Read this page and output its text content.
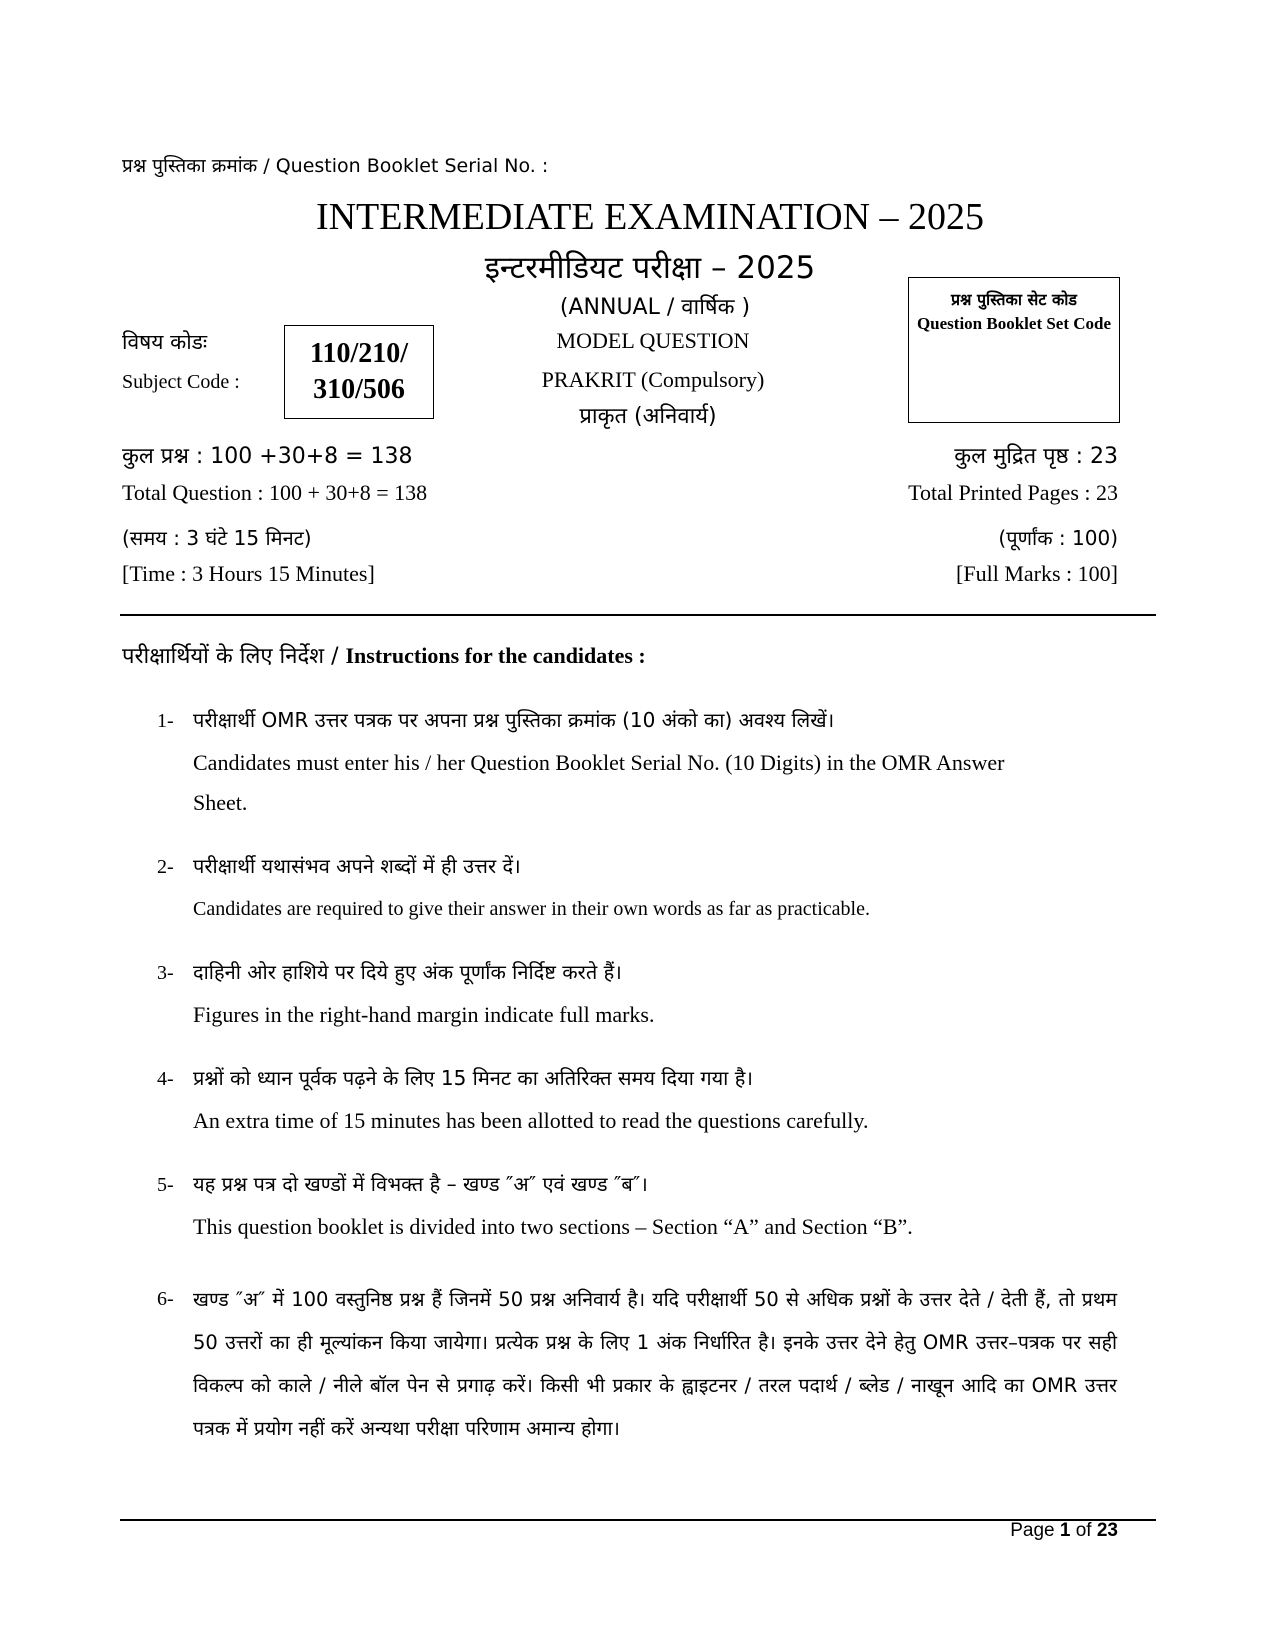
प्रश्न पुस्तिका क्रमांक / Question Booklet Serial No. :
INTERMEDIATE EXAMINATION – 2025
इन्टरमीडियट परीक्षा – 2025
(ANNUAL / वार्षिक )
MODEL QUESTION
PRAKRIT (Compulsory)
प्राकृत (अनिवार्य)
विषय कोडः
Subject Code :
110/210/
310/506
प्रश्न पुस्तिका सेट कोड
Question Booklet Set Code
कुल प्रश्न : 100 +30+8 = 138
Total Question : 100 + 30+8 = 138
(समय : 3 घंटे 15 मिनट)
[Time : 3 Hours 15 Minutes]
कुल मुद्रित पृष्ठ : 23
Total Printed Pages : 23
(पूर्णांक : 100)
[Full Marks : 100]
परीक्षार्थियों के लिए निर्देश / Instructions for the candidates :
1- परीक्षार्थी OMR उत्तर पत्रक पर अपना प्रश्न पुस्तिका क्रमांक (10 अंको का) अवश्य लिखें।
Candidates must enter his / her Question Booklet Serial No. (10 Digits) in the OMR Answer
Sheet.
2- परीक्षार्थी यथासंभव अपने शब्दों में ही उत्तर दें।
Candidates are required to give their answer in their own words as far as practicable.
3- दाहिनी ओर हाशिये पर दिये हुए अंक पूर्णांक निर्दिष्ट करते हैं।
Figures in the right-hand margin indicate full marks.
4- प्रश्नों को ध्यान पूर्वक पढ़ने के लिए 15 मिनट का अतिरिक्त समय दिया गया है।
An extra time of 15 minutes has been allotted to read the questions carefully.
5- यह प्रश्न पत्र दो खण्डों में विभक्त है – खण्ड ″अ″ एवं खण्ड ″ब″।
This question booklet is divided into two sections – Section “A” and Section “B”.
6- खण्ड ″अ″ में 100 वस्तुनिष्ठ प्रश्न हैं जिनमें 50 प्रश्न अनिवार्य है। यदि परीक्षार्थी 50 से अधिक प्रश्नों के उत्तर देते / देती हैं, तो प्रथम 50 उत्तरों का ही मूल्यांकन किया जायेगा। प्रत्येक प्रश्न के लिए 1 अंक निर्धारित है। इनके उत्तर देने हेतु OMR उत्तर–पत्रक पर सही विकल्प को काले / नीले बॉल पेन से प्रगाढ़ करें। किसी भी प्रकार के ह्वाइटनर / तरल पदार्थ / ब्लेड / नाखून आदि का OMR उत्तर पत्रक में प्रयोग नहीं करें अन्यथा परीक्षा परिणाम अमान्य होगा।
Page 1 of 23
